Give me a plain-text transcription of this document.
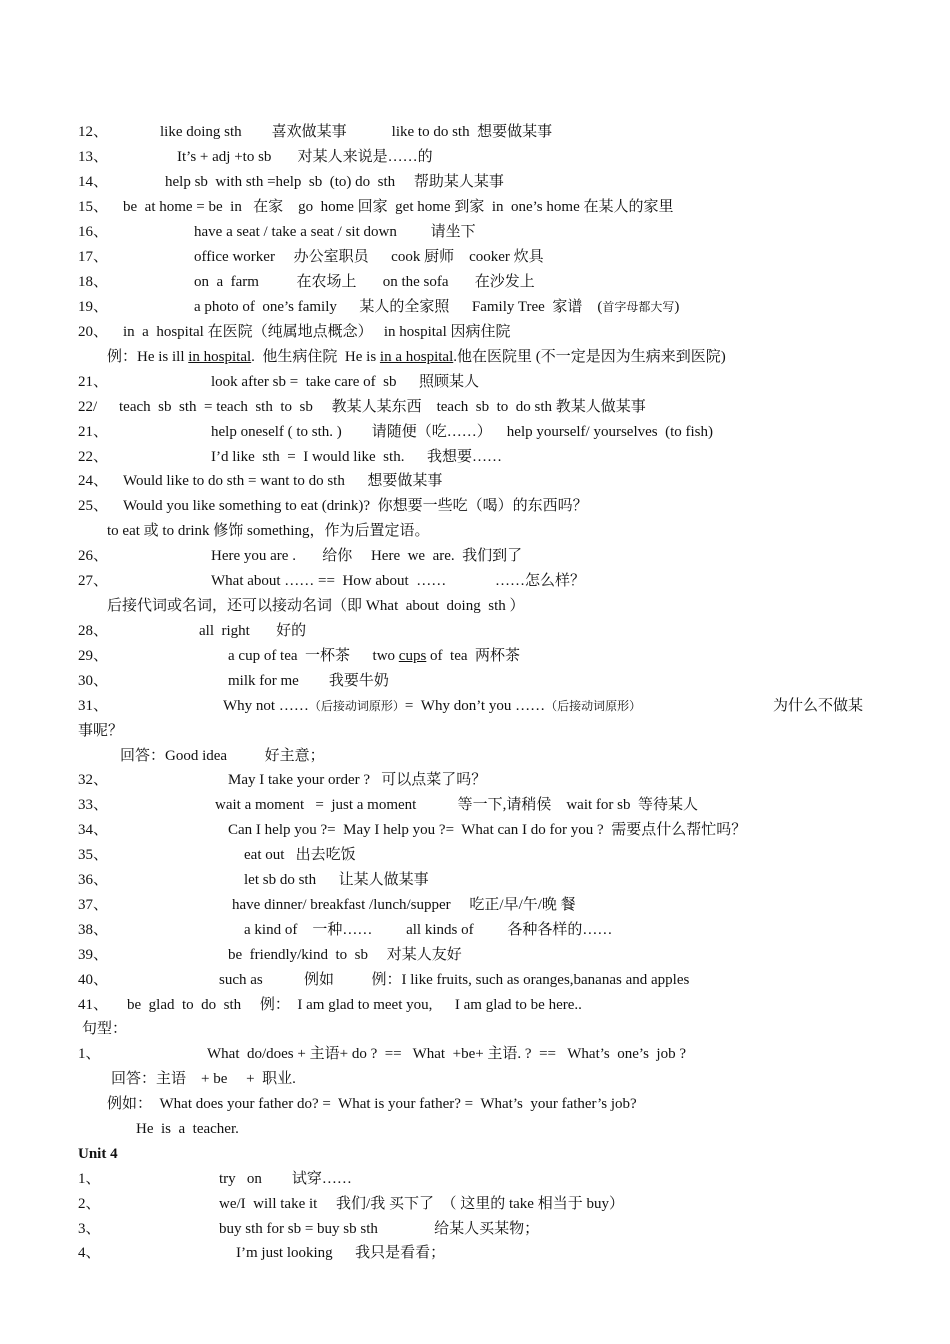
12、	like doing sth        喜欢做某事            like to do sth  想要做某事
13、	It’s + adj +to sb       对某人来说是……的
14、	help sb  with sth =help  sb  (to) do  sth     帮助某人某事
15、 be  at home = be  in   在家    go  home 回家  get home 到家  in  one’s home 在某人的家里
16、	have a seat / take a seat / sit down         请坐下
17、	office worker     办公室职员      cook 厨师    cooker 炊具
18、	on  a  farm          在农场上       on the sofa       在沙发上
19、	a photo of  one’s family      某人的全家照      Family Tree  家谱    (首字母都大写)
20、 in  a  hospital 在医院（纯属地点概念）   in hospital 因病住院
例：He is ill in hospital.  他生病住院  He is in a hospital.他在医院里 (不一定是因为生病来到医院)
21、	look after sb =  take care of  sb      照顾某人
22/ teach  sb  sth  = teach  sth  to  sb     教某人某东西    teach  sb  to  do sth 教某人做某事
21、	help oneself ( to sth. )        请随便（吃……）    help yourself/ yourselves  (to fish)
22、	I’d like  sth  =  I would like  sth.      我想要……
24、 Would like to do sth = want to do sth      想要做某事
25、 Would you like something to eat (drink)?  你想要一些吃（喝）的东西吗？
to eat 或 to drink 修饰 something，作为后置定语。
26、	Here you are .       给你     Here  we  are.  我们到了
27、	What about …… ==  How about  ……             ……怎么样？
后接代词或名词，还可以接动名词（即 What  about  doing  sth ）
28、	all  right       好的
29、	a cup of tea  一杯茶      two cups of  tea  两杯茶
30、	milk for me        我要牛奶
31、	Why not ……（后接动词原形）=  Why don’t you ……（后接动词原形）	为什么不做某
事呢？
回答：Good idea          好主意；
32、	May I take your order ?   可以点菜了吗？
33、	wait a moment   =  just a moment           等一下,请稍侯    wait for sb  等待某人
34、	Can I help you ?=  May I help you ?=  What can I do for you ?  需要点什么帮忙吗？
35、	eat out   出去吃饭
36、	let sb do sth      让某人做某事
37、	have dinner/ breakfast /lunch/supper     吃正/早/午/晚 餐
38、	a kind of    一种……         all kinds of         各种各样的……
39、	be  friendly/kind  to  sb     对某人友好
40、	such as           例如          例：I like fruits, such as oranges,bananas and apples
41、 be  glad  to  do  sth     例：  I am glad to meet you,      I am glad to be here..
句型：
1、	What  do/does + 主语+ do ?  ==   What  +be+ 主语. ?  ==   What’s  one’s  job ?
回答：主语    + be     +  职业.
例如：  What does your father do? =  What is your father? =  What’s  your father’s job?
He  is  a  teacher.
Unit 4
1、	try   on        试穿……
2、	we/I  will take it     我们/我 买下了  （ 这里的 take 相当于 buy）
3、	buy sth for sb = buy sb sth               给某人买某物；
4、	I’m just looking      我只是看看；
